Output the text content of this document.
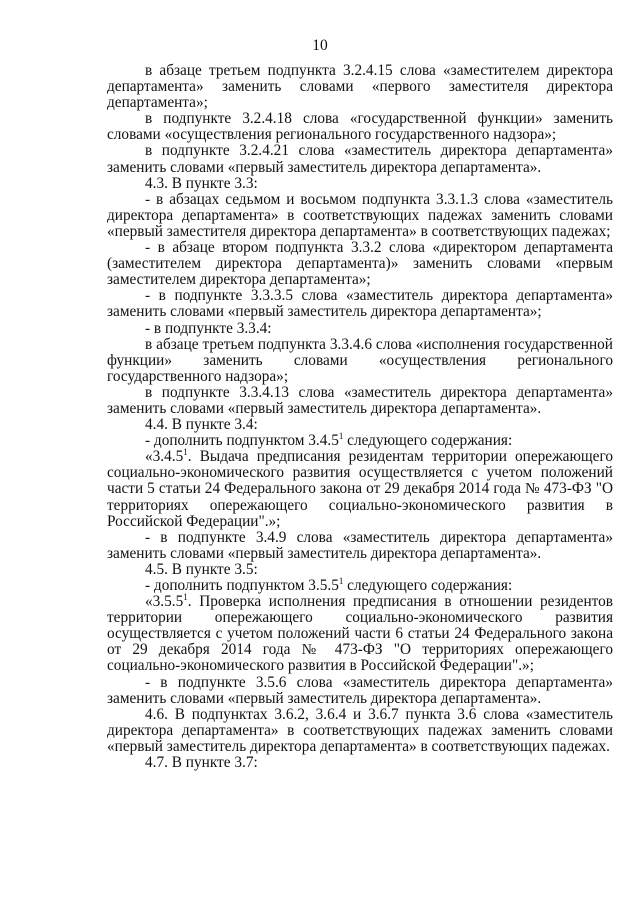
10

в абзаце третьем подпункта 3.2.4.15 слова «заместителем директора департамента» заменить словами «первого заместителя директора департамента»;

в подпункте 3.2.4.18 слова «государственной функции» заменить словами «осуществления регионального государственного надзора»;

в подпункте 3.2.4.21 слова «заместитель директора департамента» заменить словами «первый заместитель директора департамента».

4.3. В пункте 3.3:

- в абзацах седьмом и восьмом подпункта 3.3.1.3 слова «заместитель директора департамента» в соответствующих падежах заменить словами «первый заместителя директора департамента» в соответствующих падежах;

- в абзаце втором подпункта 3.3.2 слова «директором департамента (заместителем директора департамента)» заменить словами «первым заместителем директора департамента»;

- в подпункте 3.3.3.5 слова «заместитель директора департамента» заменить словами «первый заместитель директора департамента»;

- в подпункте 3.3.4:

в абзаце третьем подпункта 3.3.4.6 слова «исполнения государственной функции» заменить словами «осуществления регионального государственного надзора»;

в подпункте 3.3.4.13 слова «заместитель директора департамента» заменить словами «первый заместитель директора департамента».

4.4. В пункте 3.4:

- дополнить подпунктом 3.4.5$^1$ следующего содержания:

«3.4.5$^1$. Выдача предписания резидентам территории опережающего социально-экономического развития осуществляется с учетом положений части 5 статьи 24 Федерального закона от 29 декабря 2014 года № 473-ФЗ "О территориях опережающего социально-экономического развития в Российской Федерации".»;

- в подпункте 3.4.9 слова «заместитель директора департамента» заменить словами «первый заместитель директора департамента».

4.5. В пункте 3.5:

- дополнить подпунктом 3.5.5$^1$ следующего содержания:

«3.5.5$^1$. Проверка исполнения предписания в отношении резидентов территории опережающего социально-экономического развития осуществляется с учетом положений части 6 статьи 24 Федерального закона от 29 декабря 2014 года № 473-ФЗ "О территориях опережающего социально-экономического развития в Российской Федерации".»;

- в подпункте 3.5.6 слова «заместитель директора департамента» заменить словами «первый заместитель директора департамента».

4.6. В подпунктах 3.6.2, 3.6.4 и 3.6.7 пункта 3.6 слова «заместитель директора департамента» в соответствующих падежах заменить словами «первый заместитель директора департамента» в соответствующих падежах.

4.7. В пункте 3.7:
